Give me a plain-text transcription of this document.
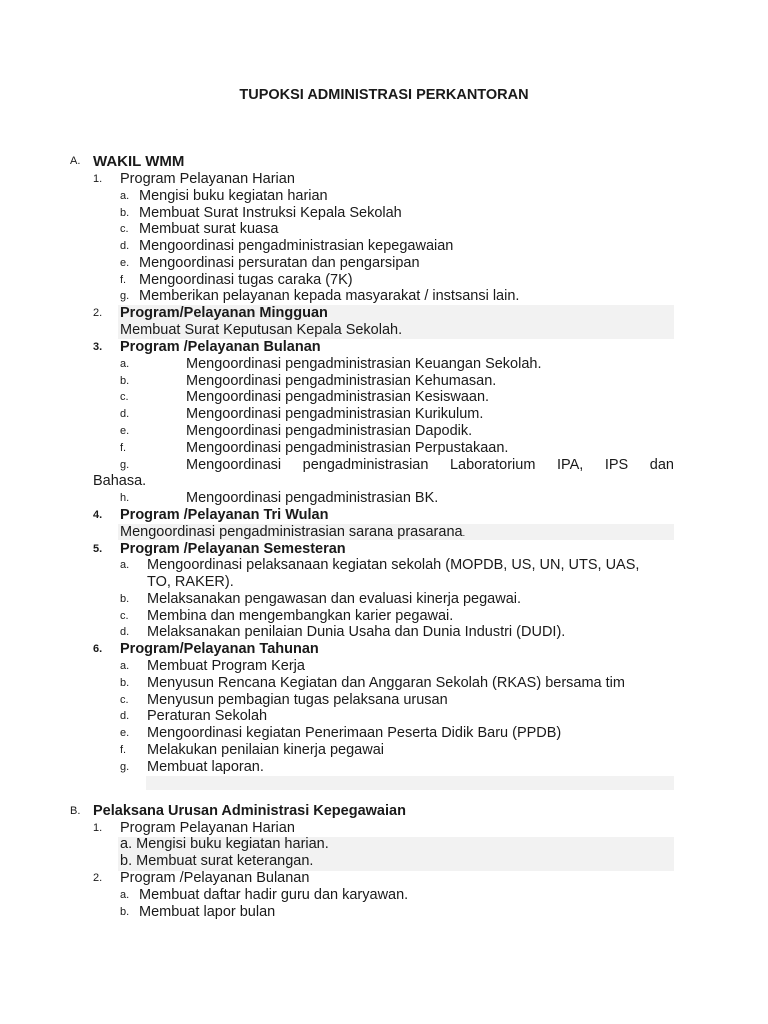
TUPOKSI ADMINISTRASI PERKANTORAN
A. WAKIL WMM
1. Program Pelayanan Harian
a. Mengisi buku kegiatan harian
b. Membuat Surat Instruksi Kepala Sekolah
c. Membuat surat kuasa
d. Mengoordinasi pengadministrasian kepegawaian
e. Mengoordinasi persuratan dan pengarsipan
f. Mengoordinasi tugas caraka (7K)
g. Memberikan pelayanan kepada masyarakat / instsansi lain.
2. Program/Pelayanan Mingguan
Membuat Surat Keputusan Kepala Sekolah.
3. Program /Pelayanan Bulanan
a.	Mengoordinasi pengadministrasian Keuangan Sekolah.
b.	Mengoordinasi pengadministrasian Kehumasan.
c.	Mengoordinasi pengadministrasian Kesiswaan.
d.	Mengoordinasi pengadministrasian Kurikulum.
e.	Mengoordinasi pengadministrasian Dapodik.
f.	Mengoordinasi pengadministrasian Perpustakaan.
g.	Mengoordinasi pengadministrasian Laboratorium IPA, IPS dan
Bahasa.
h.	Mengoordinasi pengadministrasian BK.
4. Program /Pelayanan Tri Wulan
Mengoordinasi pengadministrasian sarana prasarana.
5. Program /Pelayanan Semesteran
a. Mengoordinasi pelaksanaan kegiatan sekolah (MOPDB, US, UN, UTS, UAS,
TO, RAKER).
b. Melaksanakan pengawasan dan evaluasi kinerja pegawai.
c. Membina dan mengembangkan karier pegawai.
d. Melaksanakan penilaian Dunia Usaha dan Dunia Industri (DUDI).
6. Program/Pelayanan Tahunan
a. Membuat Program Kerja
b. Menyusun Rencana Kegiatan dan Anggaran Sekolah (RKAS) bersama tim
c. Menyusun pembagian tugas pelaksana urusan
d. Peraturan Sekolah
e. Mengoordinasi kegiatan Penerimaan Peserta Didik Baru (PPDB)
f. Melakukan penilaian kinerja pegawai
g. Membuat laporan.
B. Pelaksana Urusan Administrasi Kepegawaian
1. Program Pelayanan Harian
a. Mengisi buku kegiatan harian.
b. Membuat surat keterangan.
2. Program /Pelayanan Bulanan
a. Membuat daftar hadir guru dan karyawan.
b. Membuat lapor bulan
